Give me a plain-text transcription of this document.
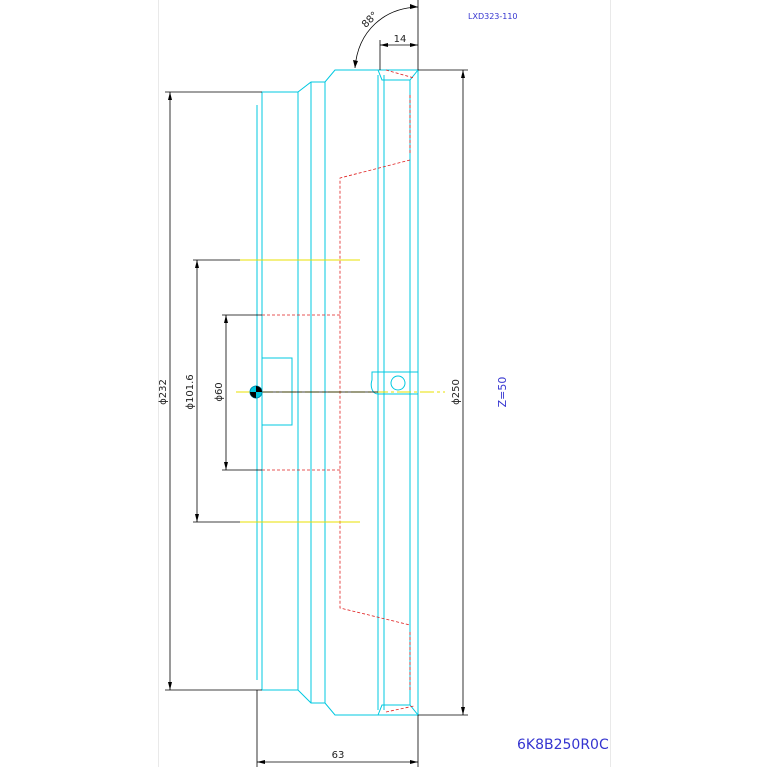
ϕ232 ϕ101.6 ϕ60	ϕ250
63
14
88°	LXD323-110
Z=50
6K8B250R0C
